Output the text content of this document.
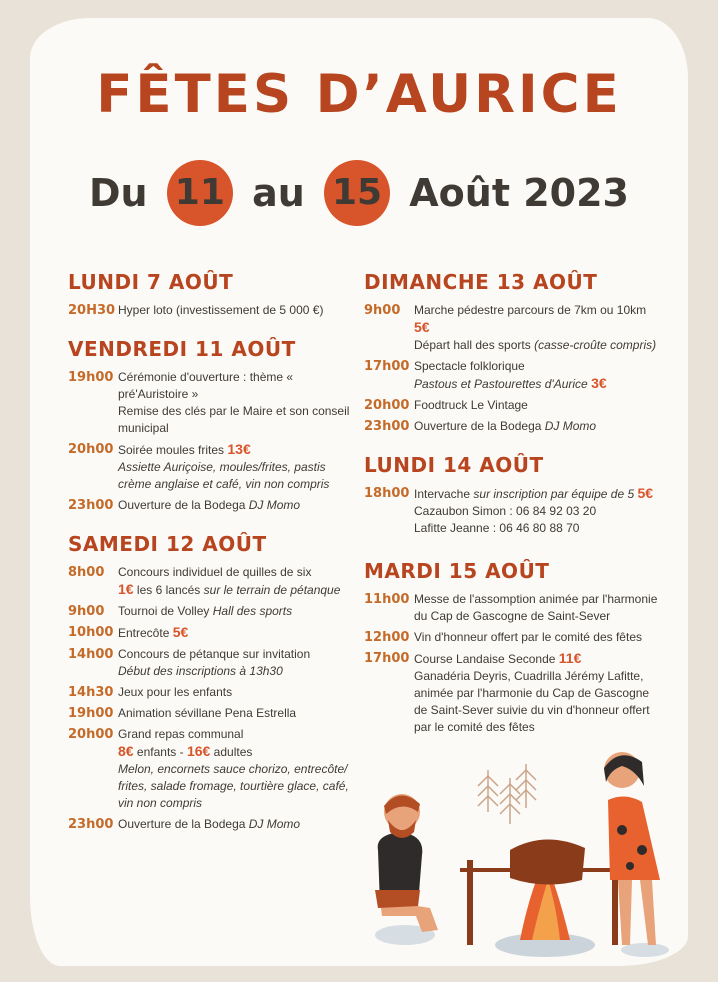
FÊTES D’AURICE
Du 11 au 15 Août 2023
LUNDI 7 AOÛT
20H30 Hyper loto (investissement de 5 000 €)
VENDREDI 11 AOÛT
19h00 Cérémonie d'ouverture : thème « pré'Auristoire »
Remise des clés par le Maire et son conseil municipal
20h00 Soirée moules frites 13€
Assiette Auriçoise, moules/frites, pastis crème anglaise et café, vin non compris
23h00 Ouverture de la Bodega DJ Momo
SAMEDI 12 AOÛT
8h00	Concours individuel de quilles de six
1€ les 6 lancés sur le terrain de pétanque
9h00	Tournoi de Volley Hall des sports
10h00 Entrecôte 5€
14h00 Concours de pétanque sur invitation
Début des inscriptions à 13h30
14h30 Jeux pour les enfants
19h00 Animation sévillane Pena Estrella
20h00 Grand repas communal
8€ enfants - 16€ adultes
Melon, encornets sauce chorizo, entrecôte/ frites, salade fromage, tourtière glace, café, vin non compris
23h00 Ouverture de la Bodega DJ Momo
DIMANCHE 13 AOÛT
9h00	Marche pédestre parcours de 7km ou 10km 5€
Départ hall des sports (casse-croûte compris)
17h00 Spectacle folklorique
Pastous et Pastourettes d'Aurice 3€
20h00 Foodtruck Le Vintage
23h00 Ouverture de la Bodega DJ Momo
LUNDI 14 AOÛT
18h00 Intervache sur inscription par équipe de 5 5€
Cazaubon Simon : 06 84 92 03 20
Lafitte Jeanne : 06 46 80 88 70
MARDI 15 AOÛT
11h00 Messe de l'assomption animée par l'harmonie du Cap de Gascogne de Saint-Sever
12h00 Vin d'honneur offert par le comité des fêtes
17h00 Course Landaise Seconde 11€
Ganadéria Deyris, Cuadrilla Jérémy Lafitte, animée par l'harmonie du Cap de Gascogne de Saint-Sever suivie du vin d'honneur offert par le comité des fêtes
